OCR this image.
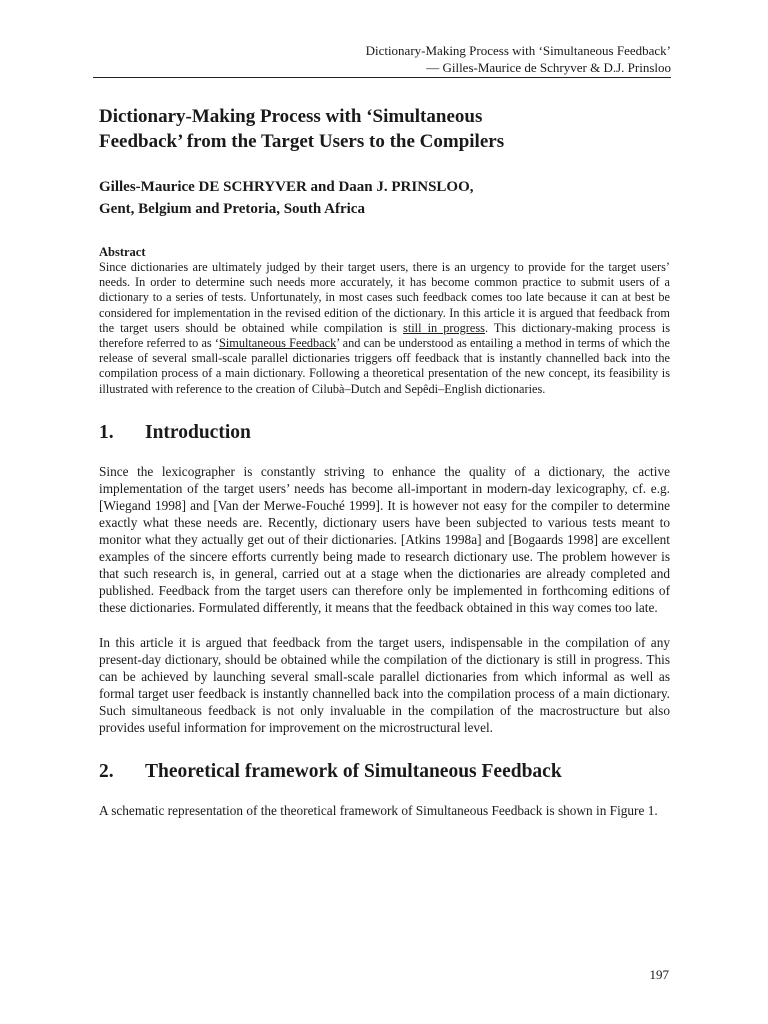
Dictionary-Making Process with ‘Simultaneous Feedback’
— Gilles-Maurice de Schryver & D.J. Prinsloo
Dictionary-Making Process with ‘Simultaneous
Feedback’ from the Target Users to the Compilers
Gilles-Maurice DE SCHRYVER and Daan J. PRINSLOO,
Gent, Belgium and Pretoria, South Africa
Abstract
Since dictionaries are ultimately judged by their target users, there is an urgency to provide for the target users’ needs. In order to determine such needs more accurately, it has become common practice to submit users of a dictionary to a series of tests. Unfortunately, in most cases such feedback comes too late because it can at best be considered for implementation in the revised edition of the dictionary. In this article it is argued that feedback from the target users should be obtained while compilation is still in progress. This dictionary-making process is therefore referred to as ‘Simultaneous Feedback’ and can be understood as entailing a method in terms of which the release of several small-scale parallel dictionaries triggers off feedback that is instantly channelled back into the compilation process of a main dictionary. Following a theoretical presentation of the new concept, its feasibility is illustrated with reference to the creation of Cilubà–Dutch and Sepêdi–English dictionaries.
1.	Introduction

Since the lexicographer is constantly striving to enhance the quality of a dictionary, the active implementation of the target users’ needs has become all-important in modern-day lexicography, cf. e.g. [Wiegand 1998] and [Van der Merwe-Fouché 1999]. It is however not easy for the compiler to determine exactly what these needs are. Recently, dictionary users have been subjected to various tests meant to monitor what they actually get out of their dictionaries. [Atkins 1998a] and [Bogaards 1998] are excellent examples of the sincere efforts currently being made to research dictionary use. The problem however is that such research is, in general, carried out at a stage when the dictionaries are already completed and published. Feedback from the target users can therefore only be implemented in forthcoming editions of these dictionaries. Formulated differently, it means that the feedback obtained in this way comes too late.

In this article it is argued that feedback from the target users, indispensable in the compilation of any present-day dictionary, should be obtained while the compilation of the dictionary is still in progress. This can be achieved by launching several small-scale parallel dictionaries from which informal as well as formal target user feedback is instantly channelled back into the compilation process of a main dictionary. Such simultaneous feedback is not only invaluable in the compilation of the macrostructure but also provides useful information for improvement on the microstructural level.

2.	Theoretical framework of Simultaneous Feedback

A schematic representation of the theoretical framework of Simultaneous Feedback is shown in Figure 1.

197
